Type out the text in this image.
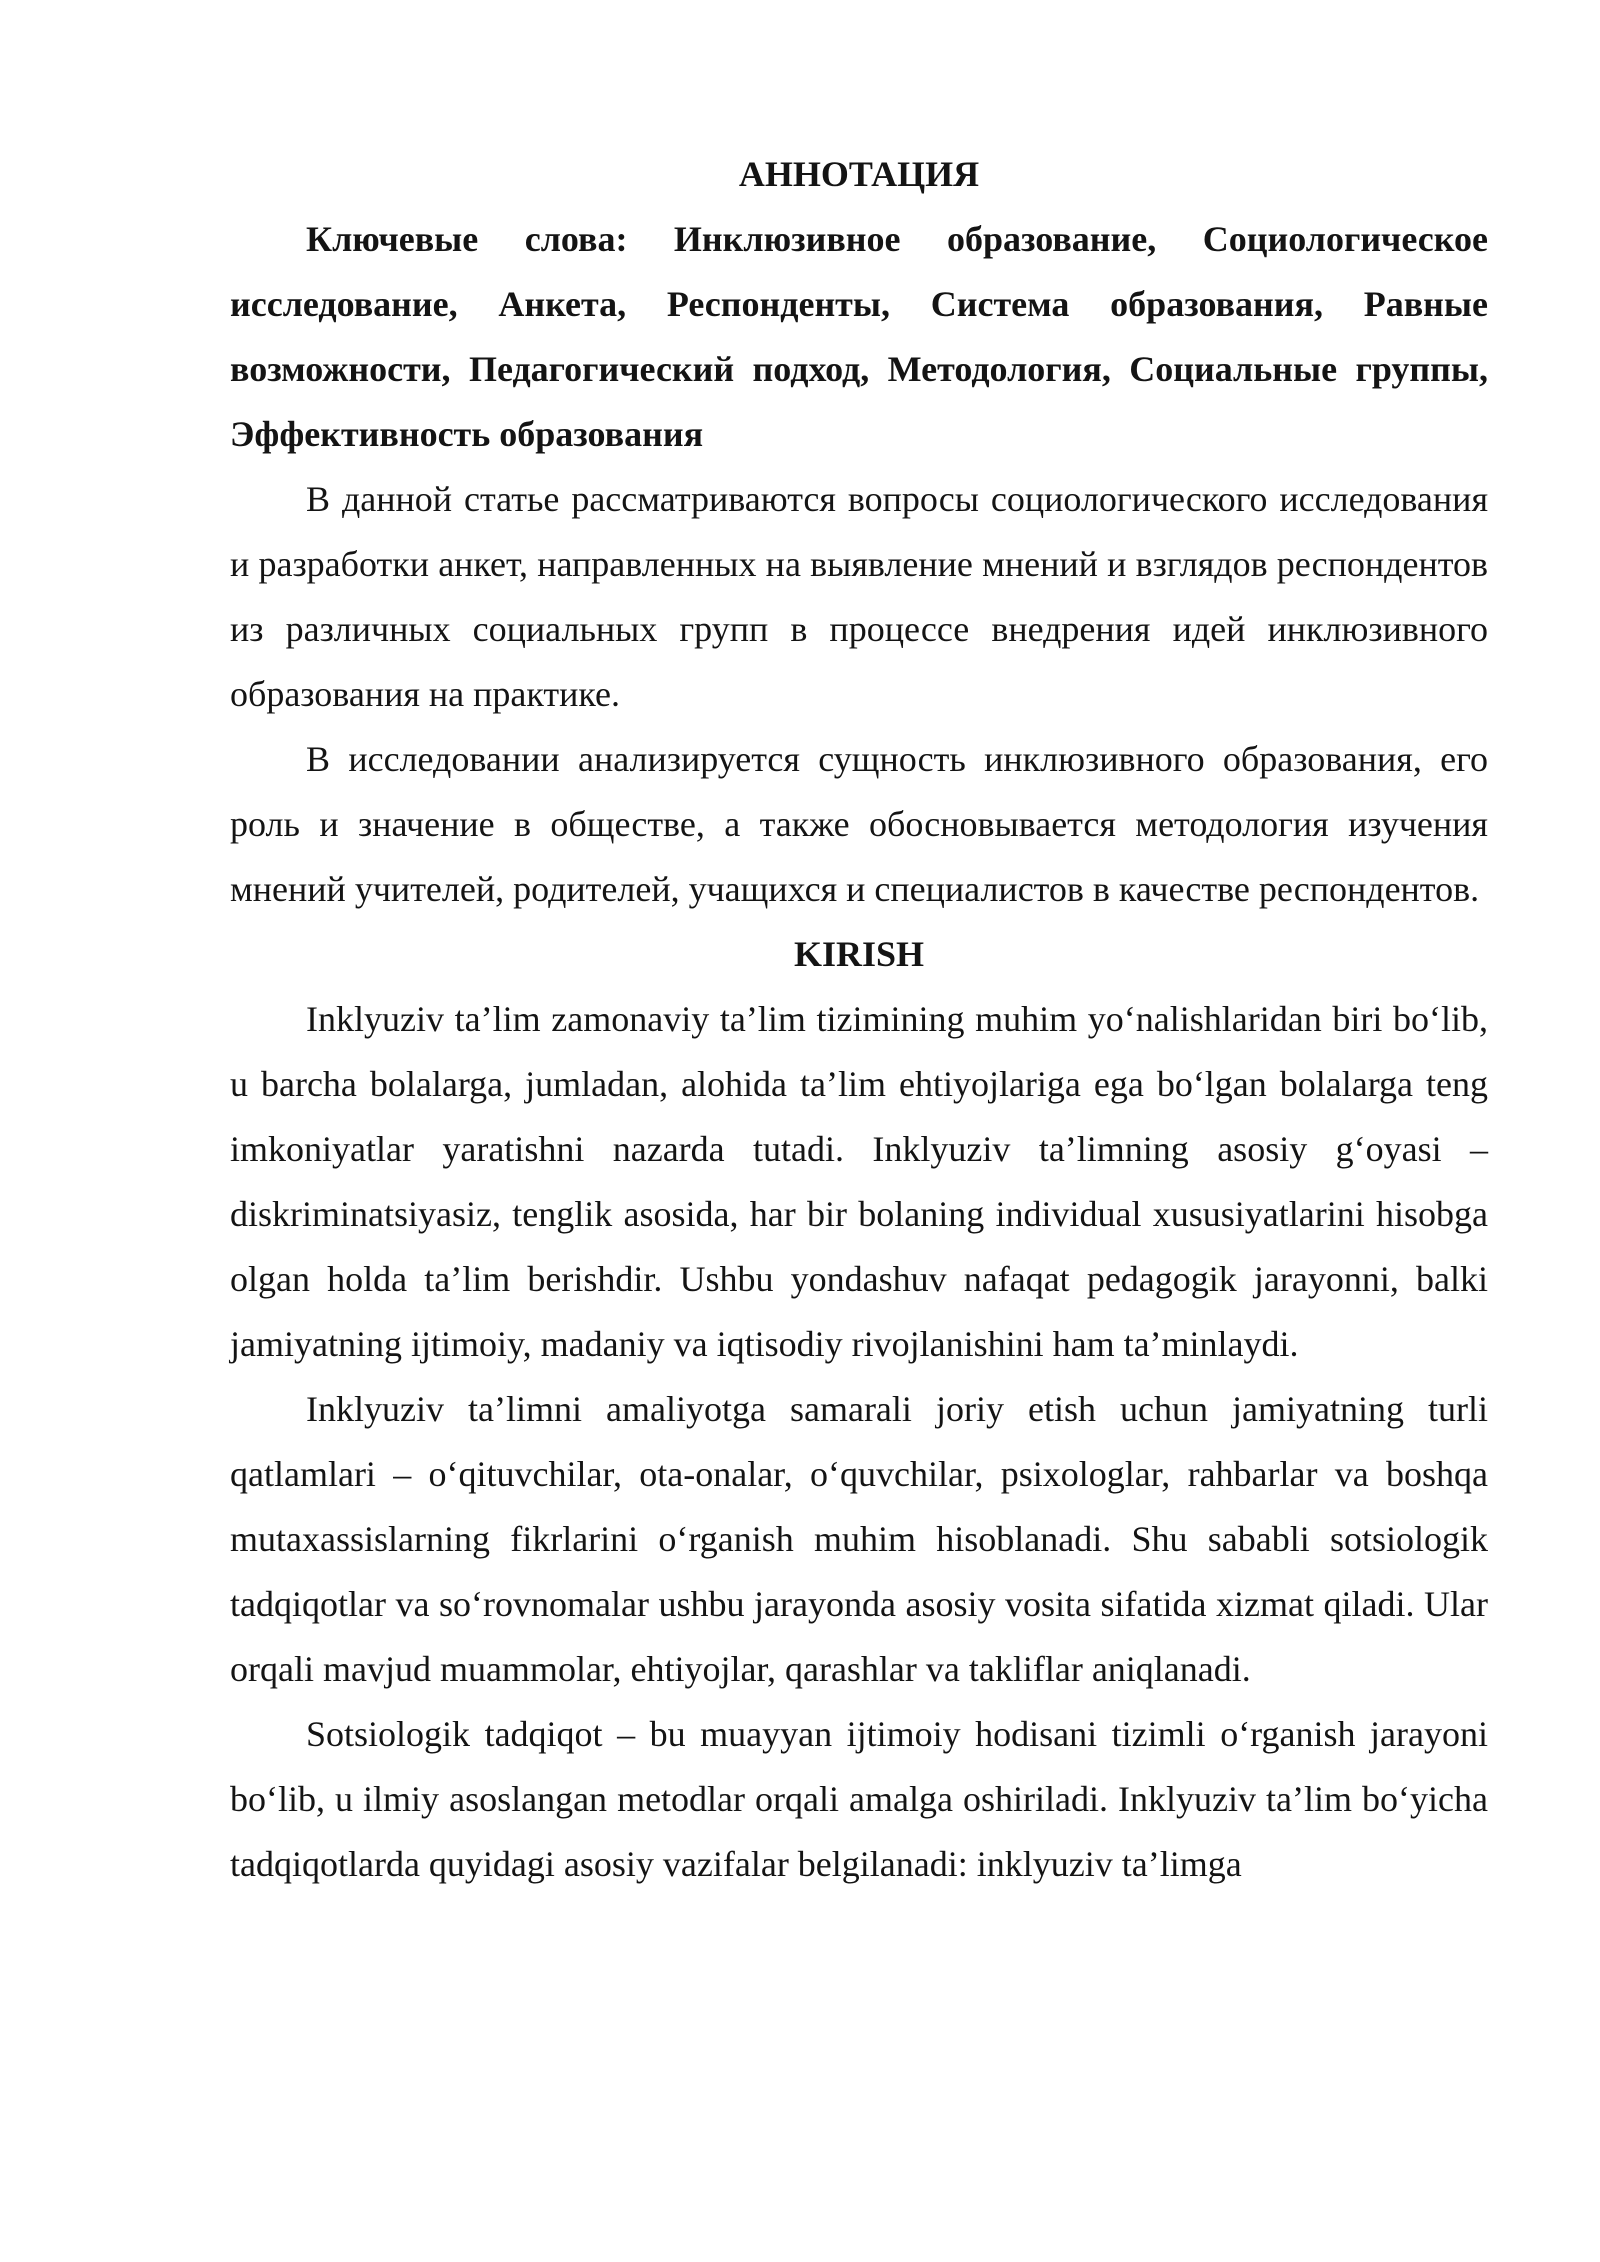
АННОТАЦИЯ

Ключевые слова: Инклюзивное образование, Социологическое исследование, Анкета, Респонденты, Система образования, Равные возможности, Педагогический подход, Методология, Социальные группы, Эффективность образования

В данной статье рассматриваются вопросы социологического исследования и разработки анкет, направленных на выявление мнений и взглядов респондентов из различных социальных групп в процессе внедрения идей инклюзивного образования на практике.

В исследовании анализируется сущность инклюзивного образования, его роль и значение в обществе, а также обосновывается методология изучения мнений учителей, родителей, учащихся и специалистов в качестве респондентов.

KIRISH

Inklyuziv ta’lim zamonaviy ta’lim tizimining muhim yo‘nalishlaridan biri bo‘lib, u barcha bolalarga, jumladan, alohida ta’lim ehtiyojlariga ega bo‘lgan bolalarga teng imkoniyatlar yaratishni nazarda tutadi. Inklyuziv ta’limning asosiy g‘oyasi – diskriminatsiyasiz, tenglik asosida, har bir bolaning individual xususiyatlarini hisobga olgan holda ta’lim berishdir. Ushbu yondashuv nafaqat pedagogik jarayonni, balki jamiyatning ijtimoiy, madaniy va iqtisodiy rivojlanishini ham ta’minlaydi.

Inklyuziv ta’limni amaliyotga samarali joriy etish uchun jamiyatning turli qatlamlari – o‘qituvchilar, ota-onalar, o‘quvchilar, psixologlar, rahbarlar va boshqa mutaxassislarning fikrlarini o‘rganish muhim hisoblanadi. Shu sababli sotsiologik tadqiqotlar va so‘rovnomalar ushbu jarayonda asosiy vosita sifatida xizmat qiladi. Ular orqali mavjud muammolar, ehtiyojlar, qarashlar va takliflar aniqlanadi.

Sotsiologik tadqiqot – bu muayyan ijtimoiy hodisani tizimli o‘rganish jarayoni bo‘lib, u ilmiy asoslangan metodlar orqali amalga oshiriladi. Inklyuziv ta’lim bo‘yicha tadqiqotlarda quyidagi asosiy vazifalar belgilanadi: inklyuziv ta’limga
